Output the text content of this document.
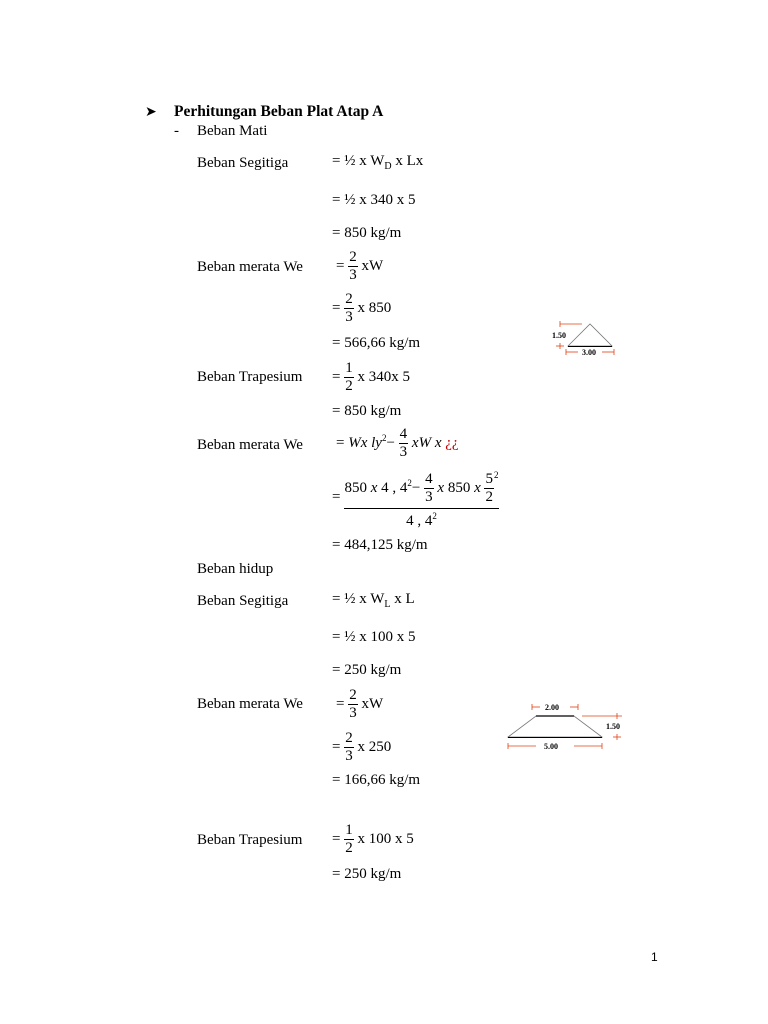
➤ Perhitungan Beban Plat Atap A
- Beban Mati
Beban Segitiga	= ½ x $W_D$ x Lx
= ½ x 340 x 5
= 850 kg/m
Beban merata $We = \frac{2}{3}$ xW
= $\frac{2}{3}$ x 850
= 566,66 kg/m
Beban Trapesium = $\frac{1}{2}$ x 340x 5
= 850 kg/m
Beban merata We = Wx $ly^2- \frac{4}{3}$ xW x ¿¿
=
850 x 4 , $4^2- \frac{4}{3}$ x 850 x $\frac{5}{2} ^2$
4 , $4^2$
= 484,125 kg/m
Beban hidup
Beban Segitiga	= ½ x $W_L$ x L
= ½ x 100 x 5
= 250 kg/m
Beban merata $We = \frac{2}{3}$ xW
= $\frac{2}{3}$ x 250
= 166,66 kg/m
Beban Trapesium = $\frac{1}{2}$ x 100 x 5
= 250 kg/m
1.50
3.00
2.00
1.50
5.00
1
